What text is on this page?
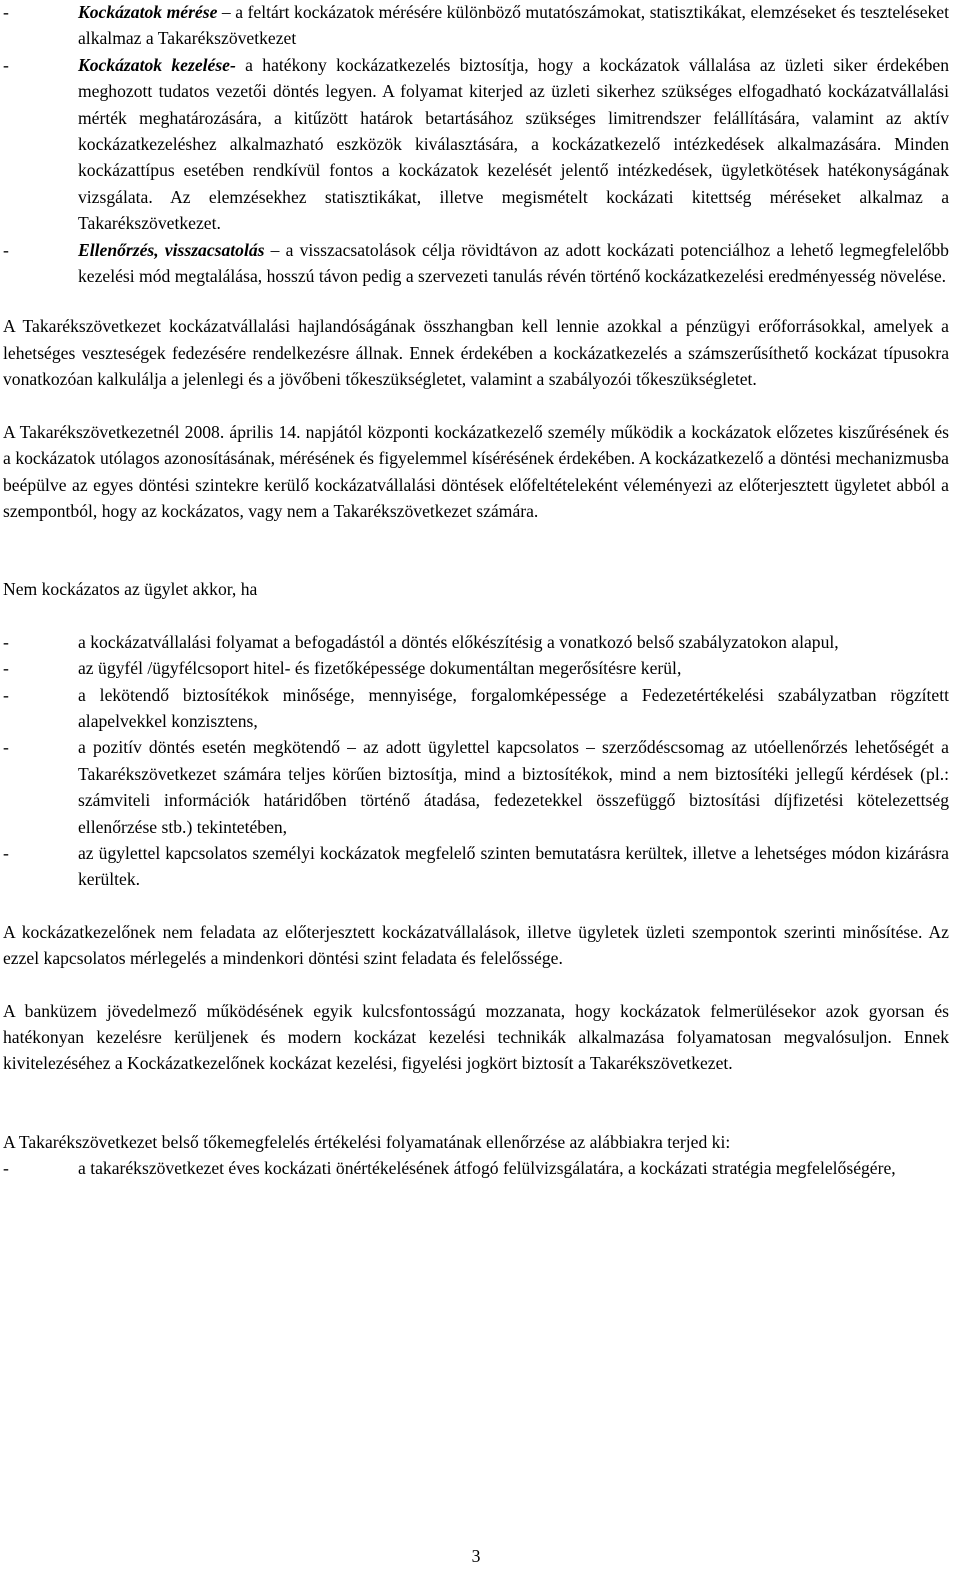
-	Kockázatok mérése – a feltárt kockázatok mérésére különböző mutatószámokat, statisztikákat, elemzéseket és teszteléseket alkalmaz a Takarékszövetkezet
-	Kockázatok kezelése- a hatékony kockázatkezelés biztosítja, hogy a kockázatok vállalása az üzleti siker érdekében meghozott tudatos vezetői döntés legyen. A folyamat kiterjed az üzleti sikerhez szükséges elfogadható kockázatvállalási mérték meghatározására, a kitűzött határok betartásához szükséges limitrendszer felállítására, valamint az aktív kockázatkezeléshez alkalmazható eszközök kiválasztására, a kockázatkezelő intézkedések alkalmazására. Minden kockázattípus esetében rendkívül fontos a kockázatok kezelését jelentő intézkedések, ügyletkötések hatékonyságának vizsgálata. Az elemzésekhez statisztikákat, illetve megismételt kockázati kitettség méréseket alkalmaz a Takarékszövetkezet.
-	Ellenőrzés, visszacsatolás – a visszacsatolások célja rövidtávon az adott kockázati potenciálhoz a lehető legmegfelelőbb kezelési mód megtalálása, hosszú távon pedig a szervezeti tanulás révén történő kockázatkezelési eredményesség növelése.

A Takarékszövetkezet kockázatvállalási hajlandóságának összhangban kell lennie azokkal a pénzügyi erőforrásokkal, amelyek a lehetséges veszteségek fedezésére rendelkezésre állnak. Ennek érdekében a kockázatkezelés a számszerűsíthető kockázat típusokra vonatkozóan kalkulálja a jelenlegi és a jövőbeni tőkeszükségletet, valamint a szabályozói tőkeszükségletet.

A Takarékszövetkezetnél 2008. április 14. napjától központi kockázatkezelő személy működik a kockázatok előzetes kiszűrésének és a kockázatok utólagos azonosításának, mérésének és figyelemmel kísérésének érdekében. A kockázatkezelő a döntési mechanizmusba beépülve az egyes döntési szintekre kerülő kockázatvállalási döntések előfeltételeként véleményezi az előterjesztett ügyletet abból a szempontból, hogy az kockázatos, vagy nem a Takarékszövetkezet számára.

Nem kockázatos az ügylet akkor, ha

-	a kockázatvállalási folyamat a befogadástól a döntés előkészítésig a vonatkozó belső szabályzatokon alapul,
-	az ügyfél /ügyfélcsoport hitel- és fizetőképessége dokumentáltan megerősítésre kerül,
-	a lekötendő biztosítékok minősége, mennyisége, forgalomképessége a Fedezetértékelési szabályzatban rögzített alapelvekkel konzisztens,
-	a pozitív döntés esetén megkötendő – az adott ügylettel kapcsolatos – szerződéscsomag az utóellenőrzés lehetőségét a Takarékszövetkezet számára teljes körűen biztosítja, mind a biztosítékok, mind a nem biztosítéki jellegű kérdések (pl.: számviteli információk határidőben történő átadása, fedezetekkel összefüggő biztosítási díjfizetési kötelezettség ellenőrzése stb.) tekintetében,
-	az ügylettel kapcsolatos személyi kockázatok megfelelő szinten bemutatásra kerültek, illetve a lehetséges módon kizárásra kerültek.

A kockázatkezelőnek nem feladata az előterjesztett kockázatvállalások, illetve ügyletek üzleti szempontok szerinti minősítése. Az ezzel kapcsolatos mérlegelés a mindenkori döntési szint feladata és felelőssége.

A banküzem jövedelmező működésének egyik kulcsfontosságú mozzanata, hogy kockázatok felmerülésekor azok gyorsan és hatékonyan kezelésre kerüljenek és modern kockázat kezelési technikák alkalmazása folyamatosan megvalósuljon. Ennek kivitelezéséhez a Kockázatkezelőnek kockázat kezelési, figyelési jogkört biztosít a Takarékszövetkezet.

A Takarékszövetkezet belső tőkemegfelelés értékelési folyamatának ellenőrzése az alábbiakra terjed ki:

-	a takarékszövetkezet éves kockázati önértékelésének átfogó felülvizsgálatára, a kockázati stratégia megfelelőségére,
3
